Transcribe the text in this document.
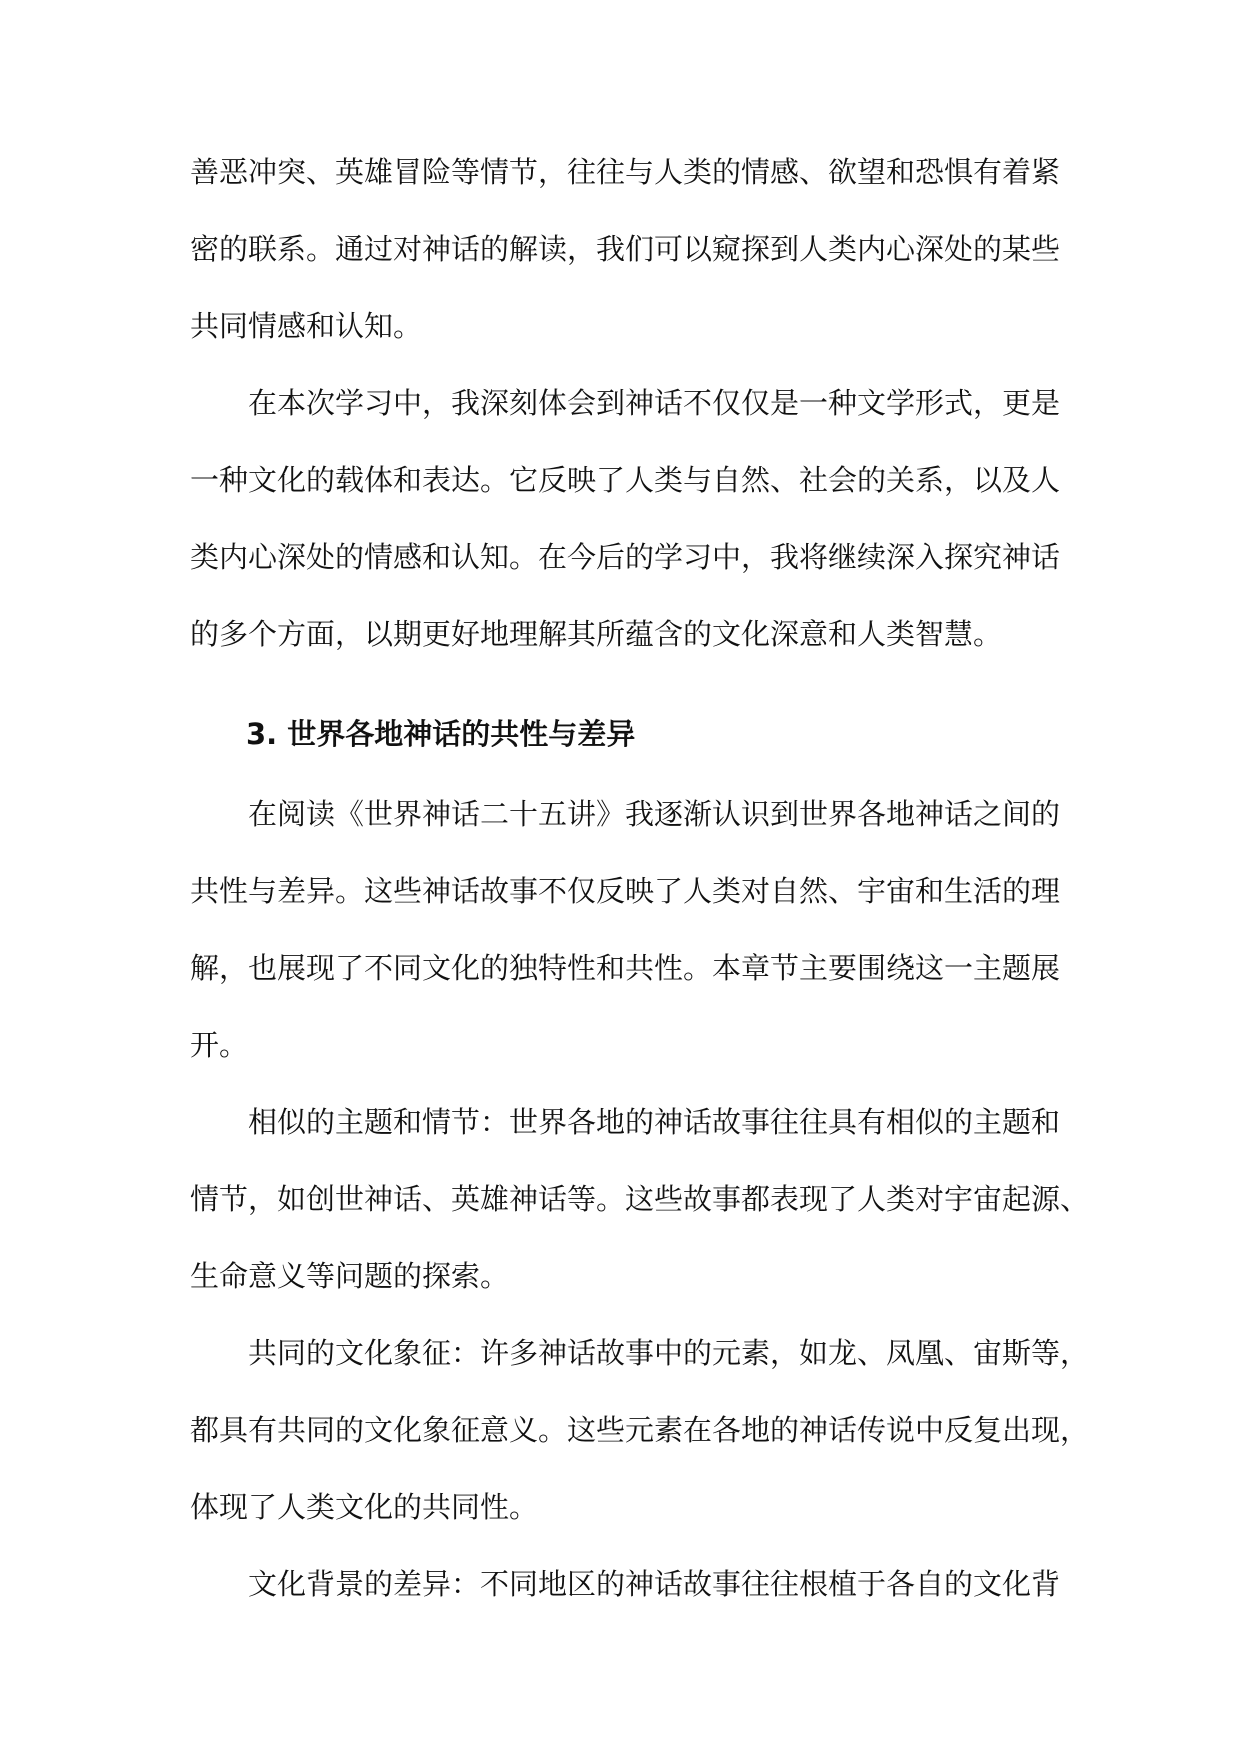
善恶冲突、英雄冒险等情节，往往与人类的情感、欲望和恐惧有着紧
密的联系。通过对神话的解读，我们可以窥探到人类内心深处的某些
共同情感和认知。
在本次学习中，我深刻体会到神话不仅仅是一种文学形式，更是
一种文化的载体和表达。它反映了人类与自然、社会的关系，以及人
类内心深处的情感和认知。在今后的学习中，我将继续深入探究神话
的多个方面，以期更好地理解其所蕴含的文化深意和人类智慧。
3. 世界各地神话的共性与差异
在阅读《世界神话二十五讲》我逐渐认识到世界各地神话之间的
共性与差异。这些神话故事不仅反映了人类对自然、宇宙和生活的理
解，也展现了不同文化的独特性和共性。本章节主要围绕这一主题展
开。
相似的主题和情节：世界各地的神话故事往往具有相似的主题和
情节，如创世神话、英雄神话等。这些故事都表现了人类对宇宙起源、
生命意义等问题的探索。
共同的文化象征：许多神话故事中的元素，如龙、凤凰、宙斯等，
都具有共同的文化象征意义。这些元素在各地的神话传说中反复出现，
体现了人类文化的共同性。
文化背景的差异：不同地区的神话故事往往根植于各自的文化背
